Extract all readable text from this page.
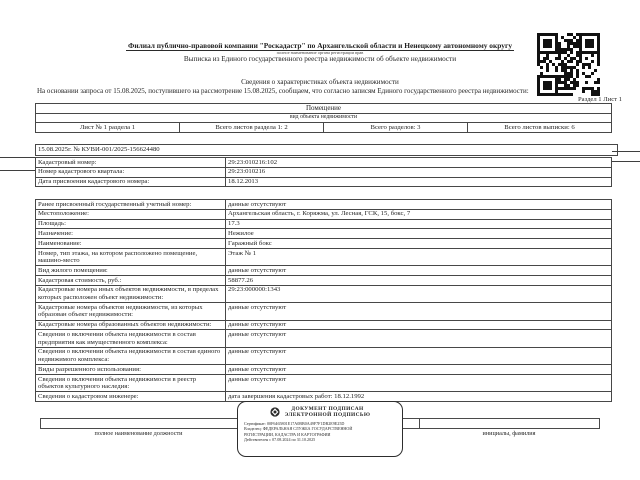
Филиал публично-правовой компании "Роскадастр" по Архангельской области и Ненецкому автономному округу
полное наименование органа регистрации прав
Выписка из Единого государственного реестра недвижимости об объекте недвижимости
Сведения о характеристиках объекта недвижимости
На основании запроса от 15.08.2025, поступившего на рассмотрение 15.08.2025, сообщаем, что согласно записям Единого государственного реестра недвижимости:
Раздел 1 Лист 1
Помещение
вид объекта недвижимости
Лист № 1 раздела 1	Всего листов раздела 1: 2	Всего разделов: 3	Всего листов выписки: 6
15.08.2025г. № КУВИ-001/2025-156624480
Кадастровый номер:	29:23:010216:102
Номер кадастрового квартала:	29:23:010216
Дата присвоения кадастрового номера:	18.12.2013
Ранее присвоенный государственный учетный номер:	данные отсутствуют
Местоположение:	Архангельская область, г. Коряжма, ул. Лесная, ГСК, 15, бокс, 7
Площадь:	17.3
Назначение:	Нежилое
Наименование:	Гаражный бокс
Номер, тип этажа, на котором расположено помещение, машино-место	Этаж № 1
Вид жилого помещения:	данные отсутствуют
Кадастровая стоимость, руб.:	58877.26
Кадастровые номера иных объектов недвижимости, в пределах которых расположен объект недвижимости:	29:23:000000:1343
Кадастровые номера объектов недвижимости, из которых образован объект недвижимости:	данные отсутствуют
Кадастровые номера образованных объектов недвижимости:	данные отсутствуют
Сведения о включении объекта недвижимости в состав предприятия как имущественного комплекса:	данные отсутствуют
Сведения о включении объекта недвижимости в состав единого недвижимого комплекса:	данные отсутствуют
Виды разрешенного использования:	данные отсутствуют
Сведения о включении объекта недвижимости в реестр объектов культурного наследия:	данные отсутствуют
Сведения о кадастровом инженере:	дата завершения кадастровых работ: 18.12.1992
полное наименование должности	инициалы, фамилия
ДОКУМЕНТ ПОДПИСАН
ЭЛЕКТРОННОЙ ПОДПИСЬЮ
Сертификат: 00F6465801E17A0BB0A49F7F1DB2E9E25D
Владелец: ФЕДЕРАЛЬНАЯ СЛУЖБА ГОСУДАРСТВЕННОЙ
РЕГИСТРАЦИИ, КАДАСТРА И КАРТОГРАФИИ
Действителен с 07.08.2024 по 31.10.2025
